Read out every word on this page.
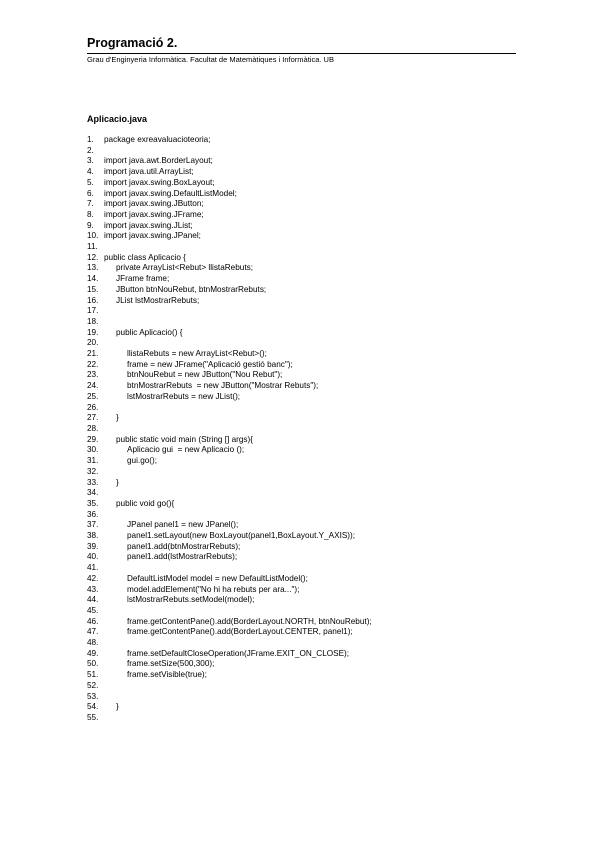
Programació 2.
Grau d'Enginyeria Informàtica. Facultat de Matemàtiques i Informàtica. UB
Aplicacio.java
1. package exreavaluacioteoria;
2.
3. import java.awt.BorderLayout;
4. import java.util.ArrayList;
5. import javax.swing.BoxLayout;
6. import javax.swing.DefaultListModel;
7. import javax.swing.JButton;
8. import javax.swing.JFrame;
9. import javax.swing.JList;
10. import javax.swing.JPanel;
11.
12. public class Aplicacio {
13. private ArrayList<Rebut> llistaRebuts;
14. JFrame frame;
15. JButton btnNouRebut, btnMostrarRebuts;
16. JList lstMostrarRebuts;
17.
18.
19. public Aplicacio() {
20.
21.	llistaRebuts = new ArrayList<Rebut>();
22.	frame = new JFrame("Aplicació gestió banc");
23.	btnNouRebut = new JButton("Nou Rebut");
24.	btnMostrarRebuts  = new JButton("Mostrar Rebuts");
25.	lstMostrarRebuts = new JList();
26.
27. }
28.
29. public static void main (String [] args){
30.	Aplicacio gui  = new Aplicacio ();
31.	gui.go();
32.
33. }
34.
35. public void go(){
36.
37.	JPanel panel1 = new JPanel();
38.	panel1.setLayout(new BoxLayout(panel1,BoxLayout.Y_AXIS));
39.	panel1.add(btnMostrarRebuts);
40.	panel1.add(lstMostrarRebuts);
41.
42.	DefaultListModel model = new DefaultListModel();
43.	model.addElement("No hi ha rebuts per ara...");
44.	lstMostrarRebuts.setModel(model);
45.
46.	frame.getContentPane().add(BorderLayout.NORTH, btnNouRebut);
47.	frame.getContentPane().add(BorderLayout.CENTER, panel1);
48.
49.	frame.setDefaultCloseOperation(JFrame.EXIT_ON_CLOSE);
50.	frame.setSize(500,300);
51.	frame.setVisible(true);
52.
53.
54. }
55.
